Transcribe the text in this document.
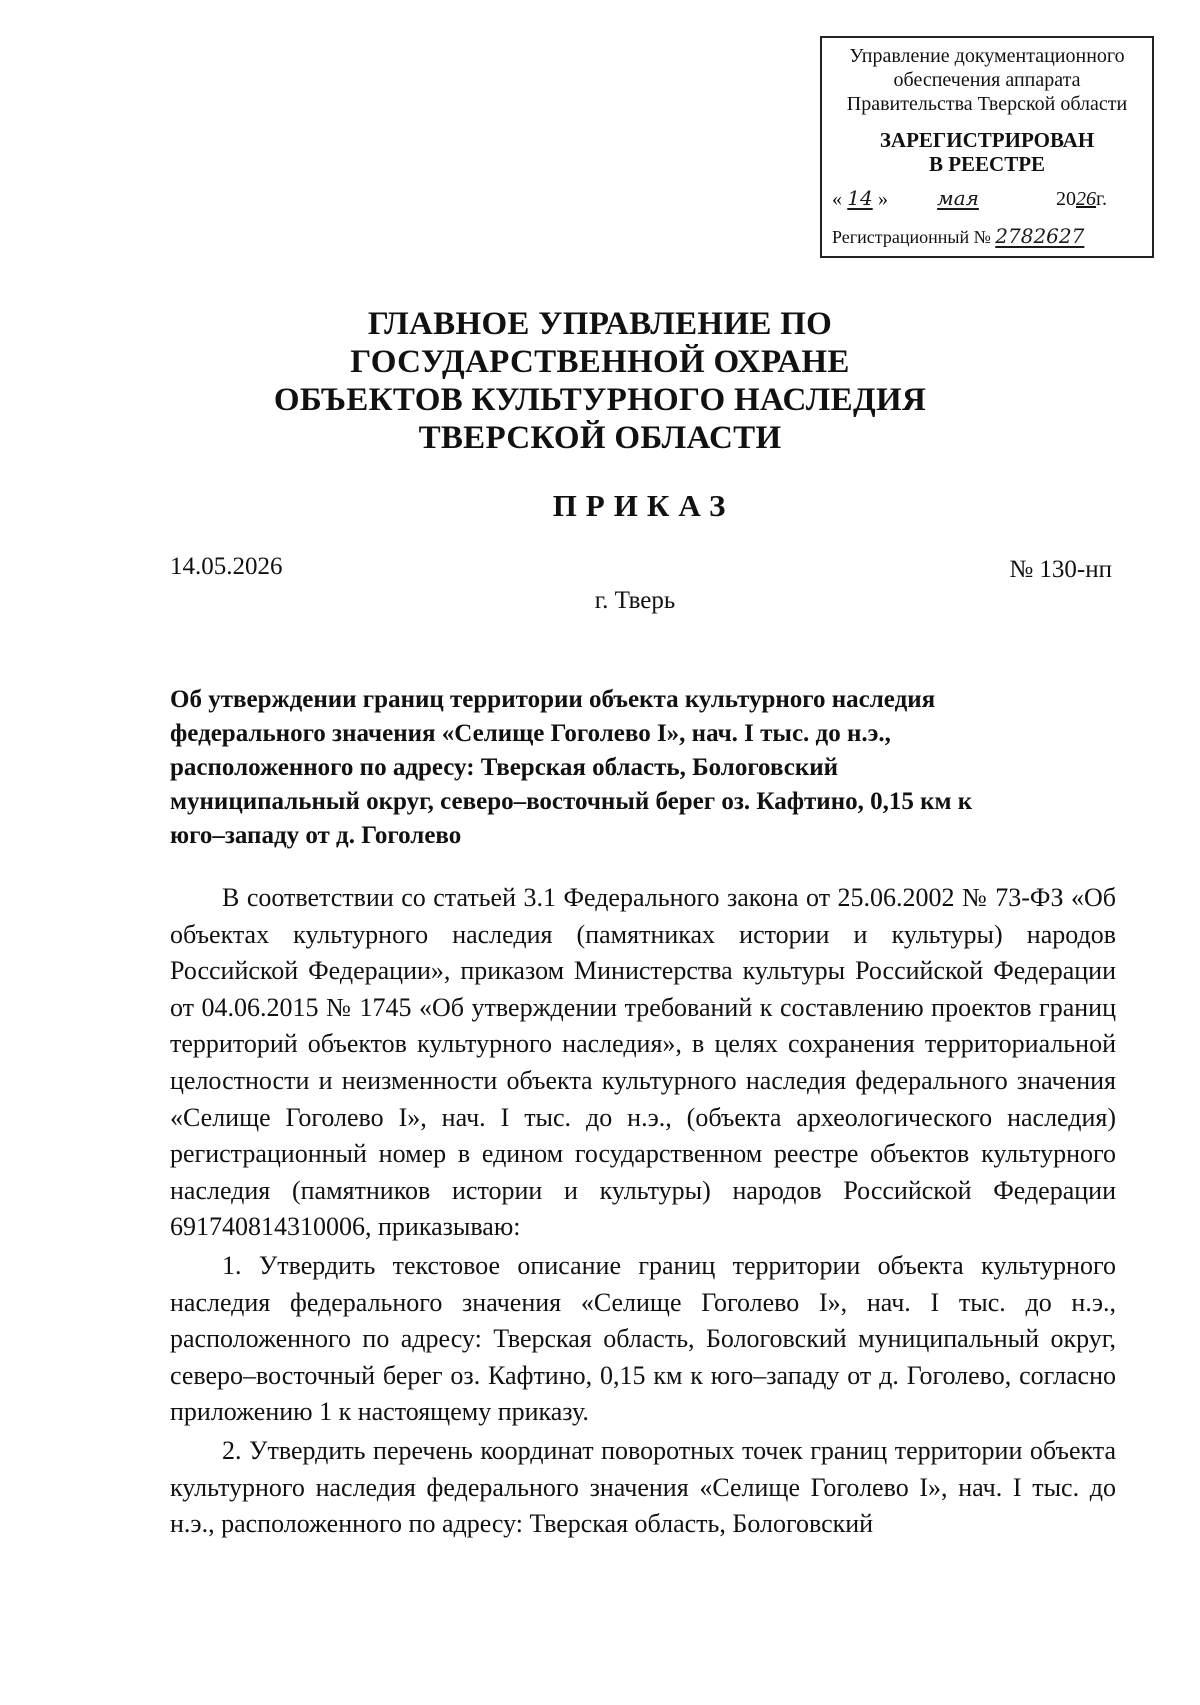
Управление документационного
обеспечения аппарата
Правительства Тверской области
ЗАРЕГИСТРИРОВАН
В РЕЕСТРЕ
« 14 » мая	2026г.
Регистрационный № 2782627
ГЛАВНОЕ УПРАВЛЕНИЕ ПО
ГОСУДАРСТВЕННОЙ ОХРАНЕ
ОБЪЕКТОВ КУЛЬТУРНОГО НАСЛЕДИЯ
ТВЕРСКОЙ ОБЛАСТИ
ПРИКАЗ
14.05.2026	№ 130-нп
г. Тверь
Об утверждении границ территории объекта культурного наследия
федерального значения «Селище Гоголево I», нач. I тыс. до н.э.,
расположенного по адресу: Тверская область, Бологовский
муниципальный округ, северо–восточный берег оз. Кафтино, 0,15 км к
юго–западу от д. Гоголево

В соответствии со статьей 3.1 Федерального закона от 25.06.2002 № 73-ФЗ «Об объектах культурного наследия (памятниках истории и культуры) народов Российской Федерации», приказом Министерства культуры Российской Федерации от 04.06.2015 № 1745 «Об утверждении требований к составлению проектов границ территорий объектов культурного наследия», в целях сохранения территориальной целостности и неизменности объекта культурного наследия федерального значения «Селище Гоголево I», нач. I тыс. до н.э., (объекта археологического наследия) регистрационный номер в едином государственном реестре объектов культурного наследия (памятников истории и культуры) народов Российской Федерации 691740814310006, приказываю:

1. Утвердить текстовое описание границ территории объекта культурного наследия федерального значения «Селище Гоголево I», нач. I тыс. до н.э., расположенного по адресу: Тверская область, Бологовский муниципальный округ, северо–восточный берег оз. Кафтино, 0,15 км к юго–западу от д. Гоголево, согласно приложению 1 к настоящему приказу.

2. Утвердить перечень координат поворотных точек границ территории объекта культурного наследия федерального значения «Селище Гоголево I», нач. I тыс. до н.э., расположенного по адресу: Тверская область, Бологовский
